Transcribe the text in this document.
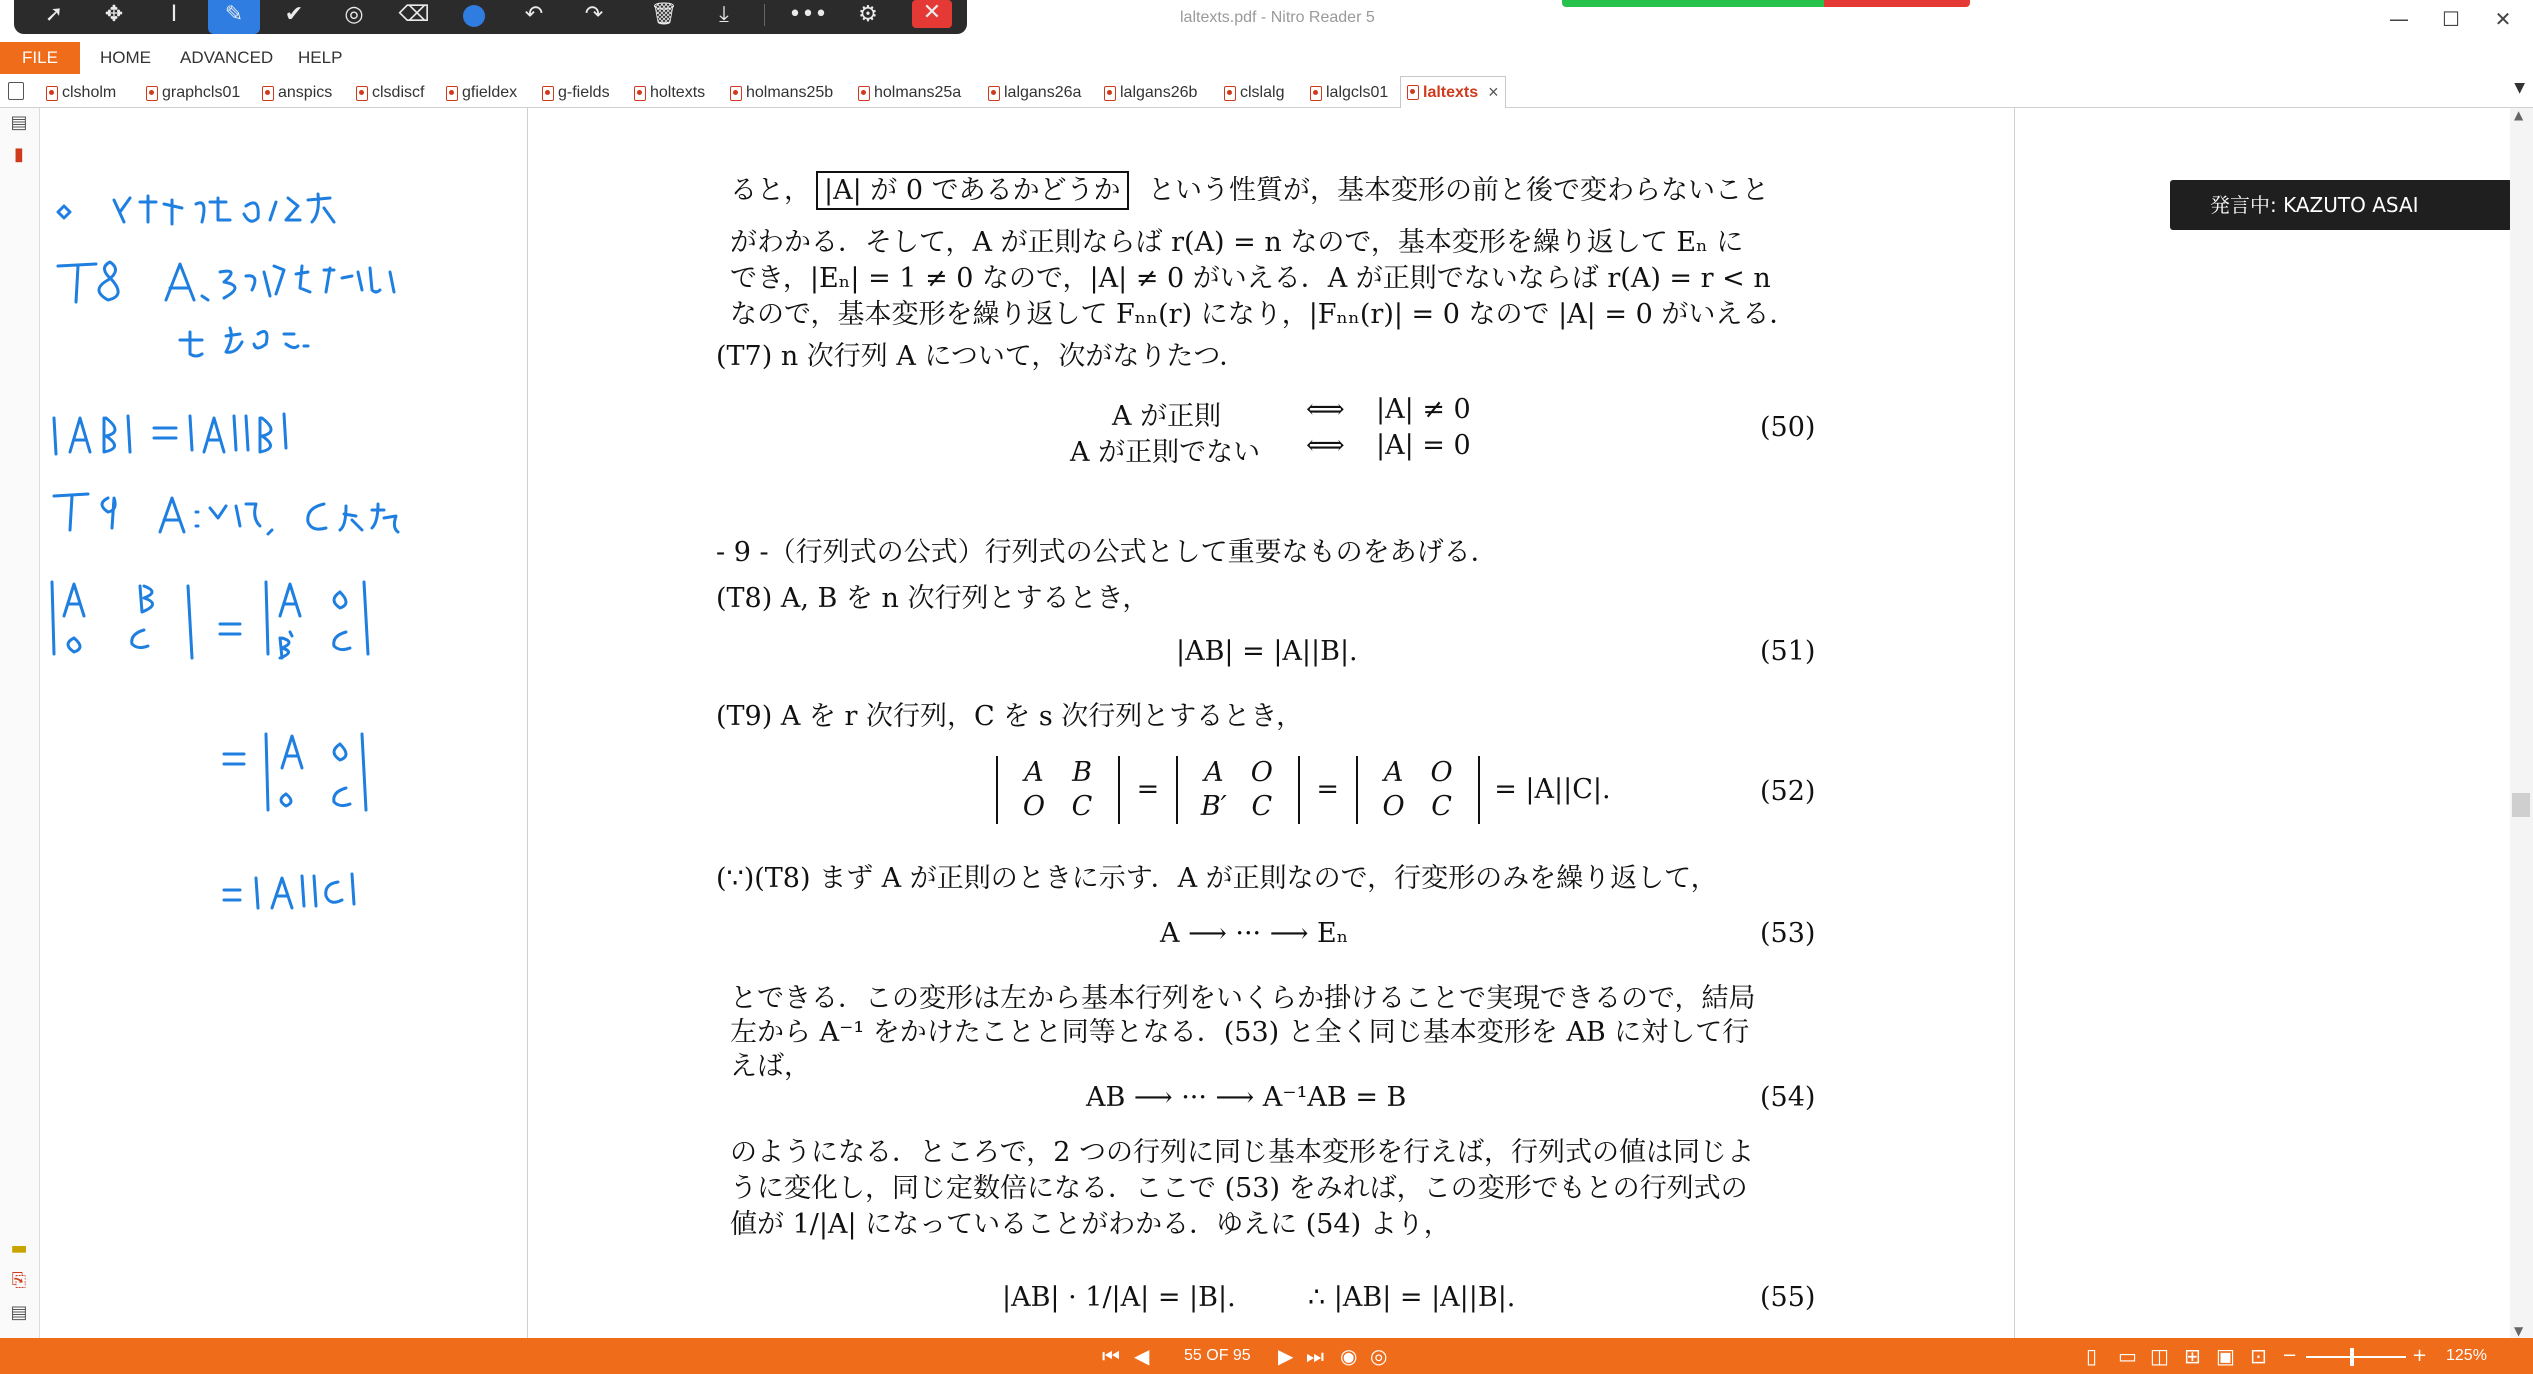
laltexts.pdf - Nitro Reader 5	—	☐	✕
➚	✥	I	✎	✔	◎	⌫	↶	↷	🗑	⤓	•••	⚙	✕
FILE	HOME ADVANCED HELP
clsholm	graphcls01 anspics clsdiscf gfieldex	g-fields	holtexts	holmans25b	holmans25a	lalgans26a lalgans26b	clslalg	lalgcls01 laltexts ×	▼
▤
▮
▬
⎘
▤
ると， |A| が 0 であるかどうか という性質が，基本変形の前と後で変わらないこと
がわかる．そして，A が正則ならば r(A) = n なので，基本変形を繰り返して Eₙ に
でき，|Eₙ| = 1 ≠ 0 なので，|A| ≠ 0 がいえる．A が正則でないならば r(A) = r < n
なので，基本変形を繰り返して Fₙₙ(r) になり，|Fₙₙ(r)| = 0 なので |A| = 0 がいえる．
(T7) n 次行列 A について，次がなりたつ．
A が正則	⟺ |A| ≠ 0
A が正則でない ⟺ |A| = 0
(50)
- 9 -（行列式の公式）行列式の公式として重要なものをあげる．
(T8) A, B を n 次行列とするとき，
|AB| = |A||B|.	(51)
(T9) A を r 次行列，C を s 次行列とするとき，
A B
O C = A O
B′ C = A O
O C = |A||C|.	(52)
(∵)(T8) まず A が正則のときに示す．A が正則なので，行変形のみを繰り返して，
A ⟶ ··· ⟶ Eₙ	(53)
とできる．この変形は左から基本行列をいくらか掛けることで実現できるので，結局
左から A⁻¹ をかけたことと同等となる．(53) と全く同じ基本変形を AB に対して行
えば，
AB ⟶ ··· ⟶ A⁻¹AB = B	(54)
のようになる．ところで，2 つの行列に同じ基本変形を行えば，行列式の値は同じよ
うに変化し，同じ定数倍になる．ここで (53) をみれば，この変形でもとの行列式の
値が 1/|A| になっていることがわかる．ゆえに (54) より，
|AB| · 1/|A| = |B|.	∴ |AB| = |A||B|.	(55)
発言中: KAZUTO ASAI
▲
▼
⏮ ◀ 55 OF 95 ▶ ⏭ ◉ ◎	▯ ▭ ◫ ⊞ ▣ ⊡ −	+ 125%
